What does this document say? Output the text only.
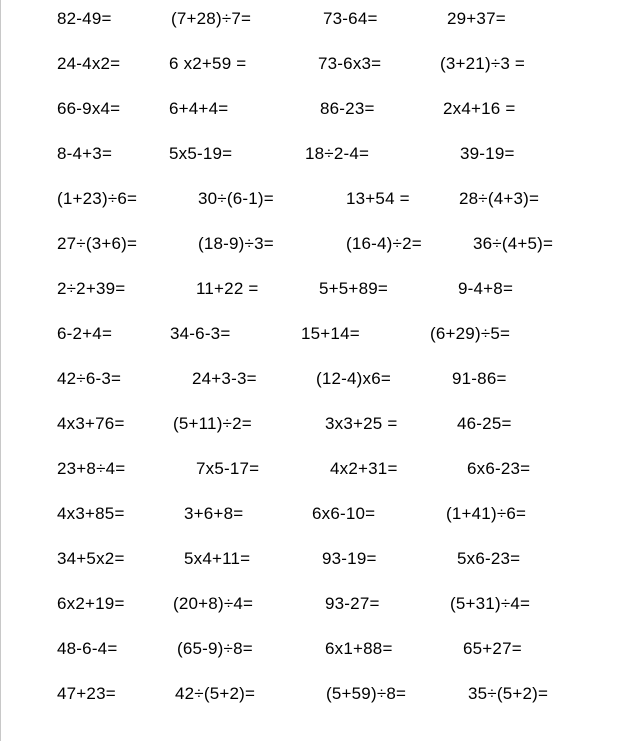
82-49=	(7+28)÷7=	73-64=	29+37=
24-4x2=	6 x2+59 =	73-6x3=	(3+21)÷3 =
66-9x4=	6+4+4=	86-23=	2x4+16 =
8-4+3=	5x5-19=	18÷2-4=	39-19=
(1+23)÷6=	30÷(6-1)=	13+54 =	28÷(4+3)=
27÷(3+6)=	(18-9)÷3=	(16-4)÷2=	36÷(4+5)=
2÷2+39=	11+22 =	5+5+89=	9-4+8=
6-2+4=	34-6-3=	15+14=	(6+29)÷5=
42÷6-3=	24+3-3=	(12-4)x6=	91-86=
4x3+76=	(5+11)÷2=	3x3+25 =	46-25=
23+8÷4=	7x5-17=	4x2+31=	6x6-23=
4x3+85=	3+6+8=	6x6-10=	(1+41)÷6=
34+5x2=	5x4+11=	93-19=	5x6-23=
6x2+19=	(20+8)÷4=	93-27=	(5+31)÷4=
48-6-4=	(65-9)÷8=	6x1+88=	65+27=
47+23=	42÷(5+2)=	(5+59)÷8=	35÷(5+2)=
